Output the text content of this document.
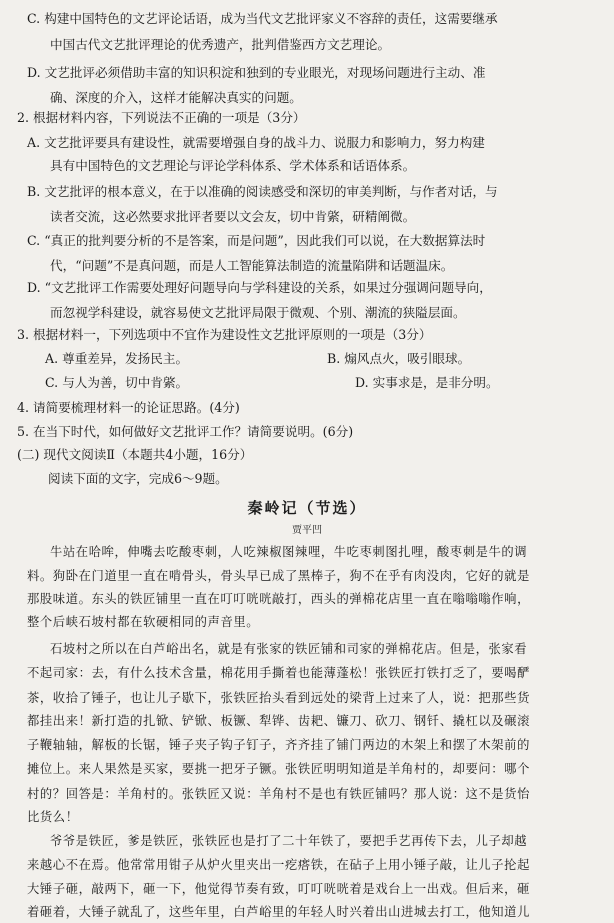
C. 构建中国特色的文艺评论话语，成为当代文艺批评家义不容辞的责任，这需要继承
中国古代文艺批评理论的优秀遗产，批判借鉴西方文艺理论。
D. 文艺批评必须借助丰富的知识积淀和独到的专业眼光，对现场问题进行主动、准
确、深度的介入，这样才能解决真实的问题。
2. 根据材料内容，下列说法不正确的一项是（3分）
A. 文艺批评要具有建设性，就需要增强自身的战斗力、说服力和影响力，努力构建
具有中国特色的文艺理论与评论学科体系、学术体系和话语体系。
B. 文艺批评的根本意义，在于以准确的阅读感受和深切的审美判断，与作者对话，与
读者交流，这必然要求批评者要以文会友，切中肯綮，研精阐微。
C. “真正的批判要分析的不是答案，而是问题”，因此我们可以说，在大数据算法时
代，“问题”不是真问题，而是人工智能算法制造的流量陷阱和话题温床。
D. “文艺批评工作需要处理好问题导向与学科建设的关系，如果过分强调问题导向，
而忽视学科建设，就容易使文艺批评局限于微观、个别、潮流的狭隘层面。
3. 根据材料一，下列选项中不宜作为建设性文艺批评原则的一项是（3分）
A. 尊重差异，发扬民主。	B. 煽风点火，吸引眼球。
C. 与人为善，切中肯綮。	D. 实事求是，是非分明。
4. 请简要梳理材料一的论证思路。(4分)
5. 在当下时代，如何做好文艺批评工作？请简要说明。(6分)
(二) 现代文阅读Ⅱ（本题共4小题，16分）
阅读下面的文字，完成6～9题。
秦岭记（节选）
贾平凹
牛站在哈哞，伸嘴去吃酸枣刺，人吃辣椒图辣哩，牛吃枣刺图扎哩，酸枣刺是牛的调
料。狗卧在门道里一直在啃骨头，骨头早已成了黑棒子，狗不在乎有肉没肉，它好的就是
那股味道。东头的铁匠铺里一直在叮叮咣咣敲打，西头的弹棉花店里一直在嗡嗡嗡作响，
整个后峡石坡村都在软硬相同的声音里。
石坡村之所以在白芦峪出名，就是有张家的铁匠铺和司家的弹棉花店。但是，张家看
不起司家：去，有什么技术含量，棉花用手撕着也能薄蓬松！张铁匠打铁打乏了，要喝酽
茶，收拾了锤子，也让儿子歇下，张铁匠抬头看到远处的梁背上过来了人，说：把那些货
都挂出来！新打造的扎锨、铲锨、板镢、犁铧、齿耙、镰刀、砍刀、钢钎、撬杠以及碾滚
子鞭轴轴，解板的长锯，锤子夹子钩子钉子，齐齐挂了铺门两边的木架上和摆了木架前的
摊位上。来人果然是买家，要挑一把牙子镢。张铁匠明明知道是羊角村的，却要问：哪个
村的？回答是：羊角村的。张铁匠又说：羊角村不是也有铁匠铺吗？那人说：这不是货怡
比货么！
爷爷是铁匠，爹是铁匠，张铁匠也是打了二十年铁了，要把手艺再传下去，儿子却越
来越心不在焉。他常常用钳子从炉火里夹出一疙瘩铁，在砧子上用小锤子敲，让儿子抡起
大锤子砸，敲两下，砸一下，他觉得节奏有致，叮叮咣咣着是戏台上一出戏。但后来，砸
着砸着，大锤子就乱了，这些年里，白芦峪里的年轻人时兴着出山进城去打工，他知道儿
